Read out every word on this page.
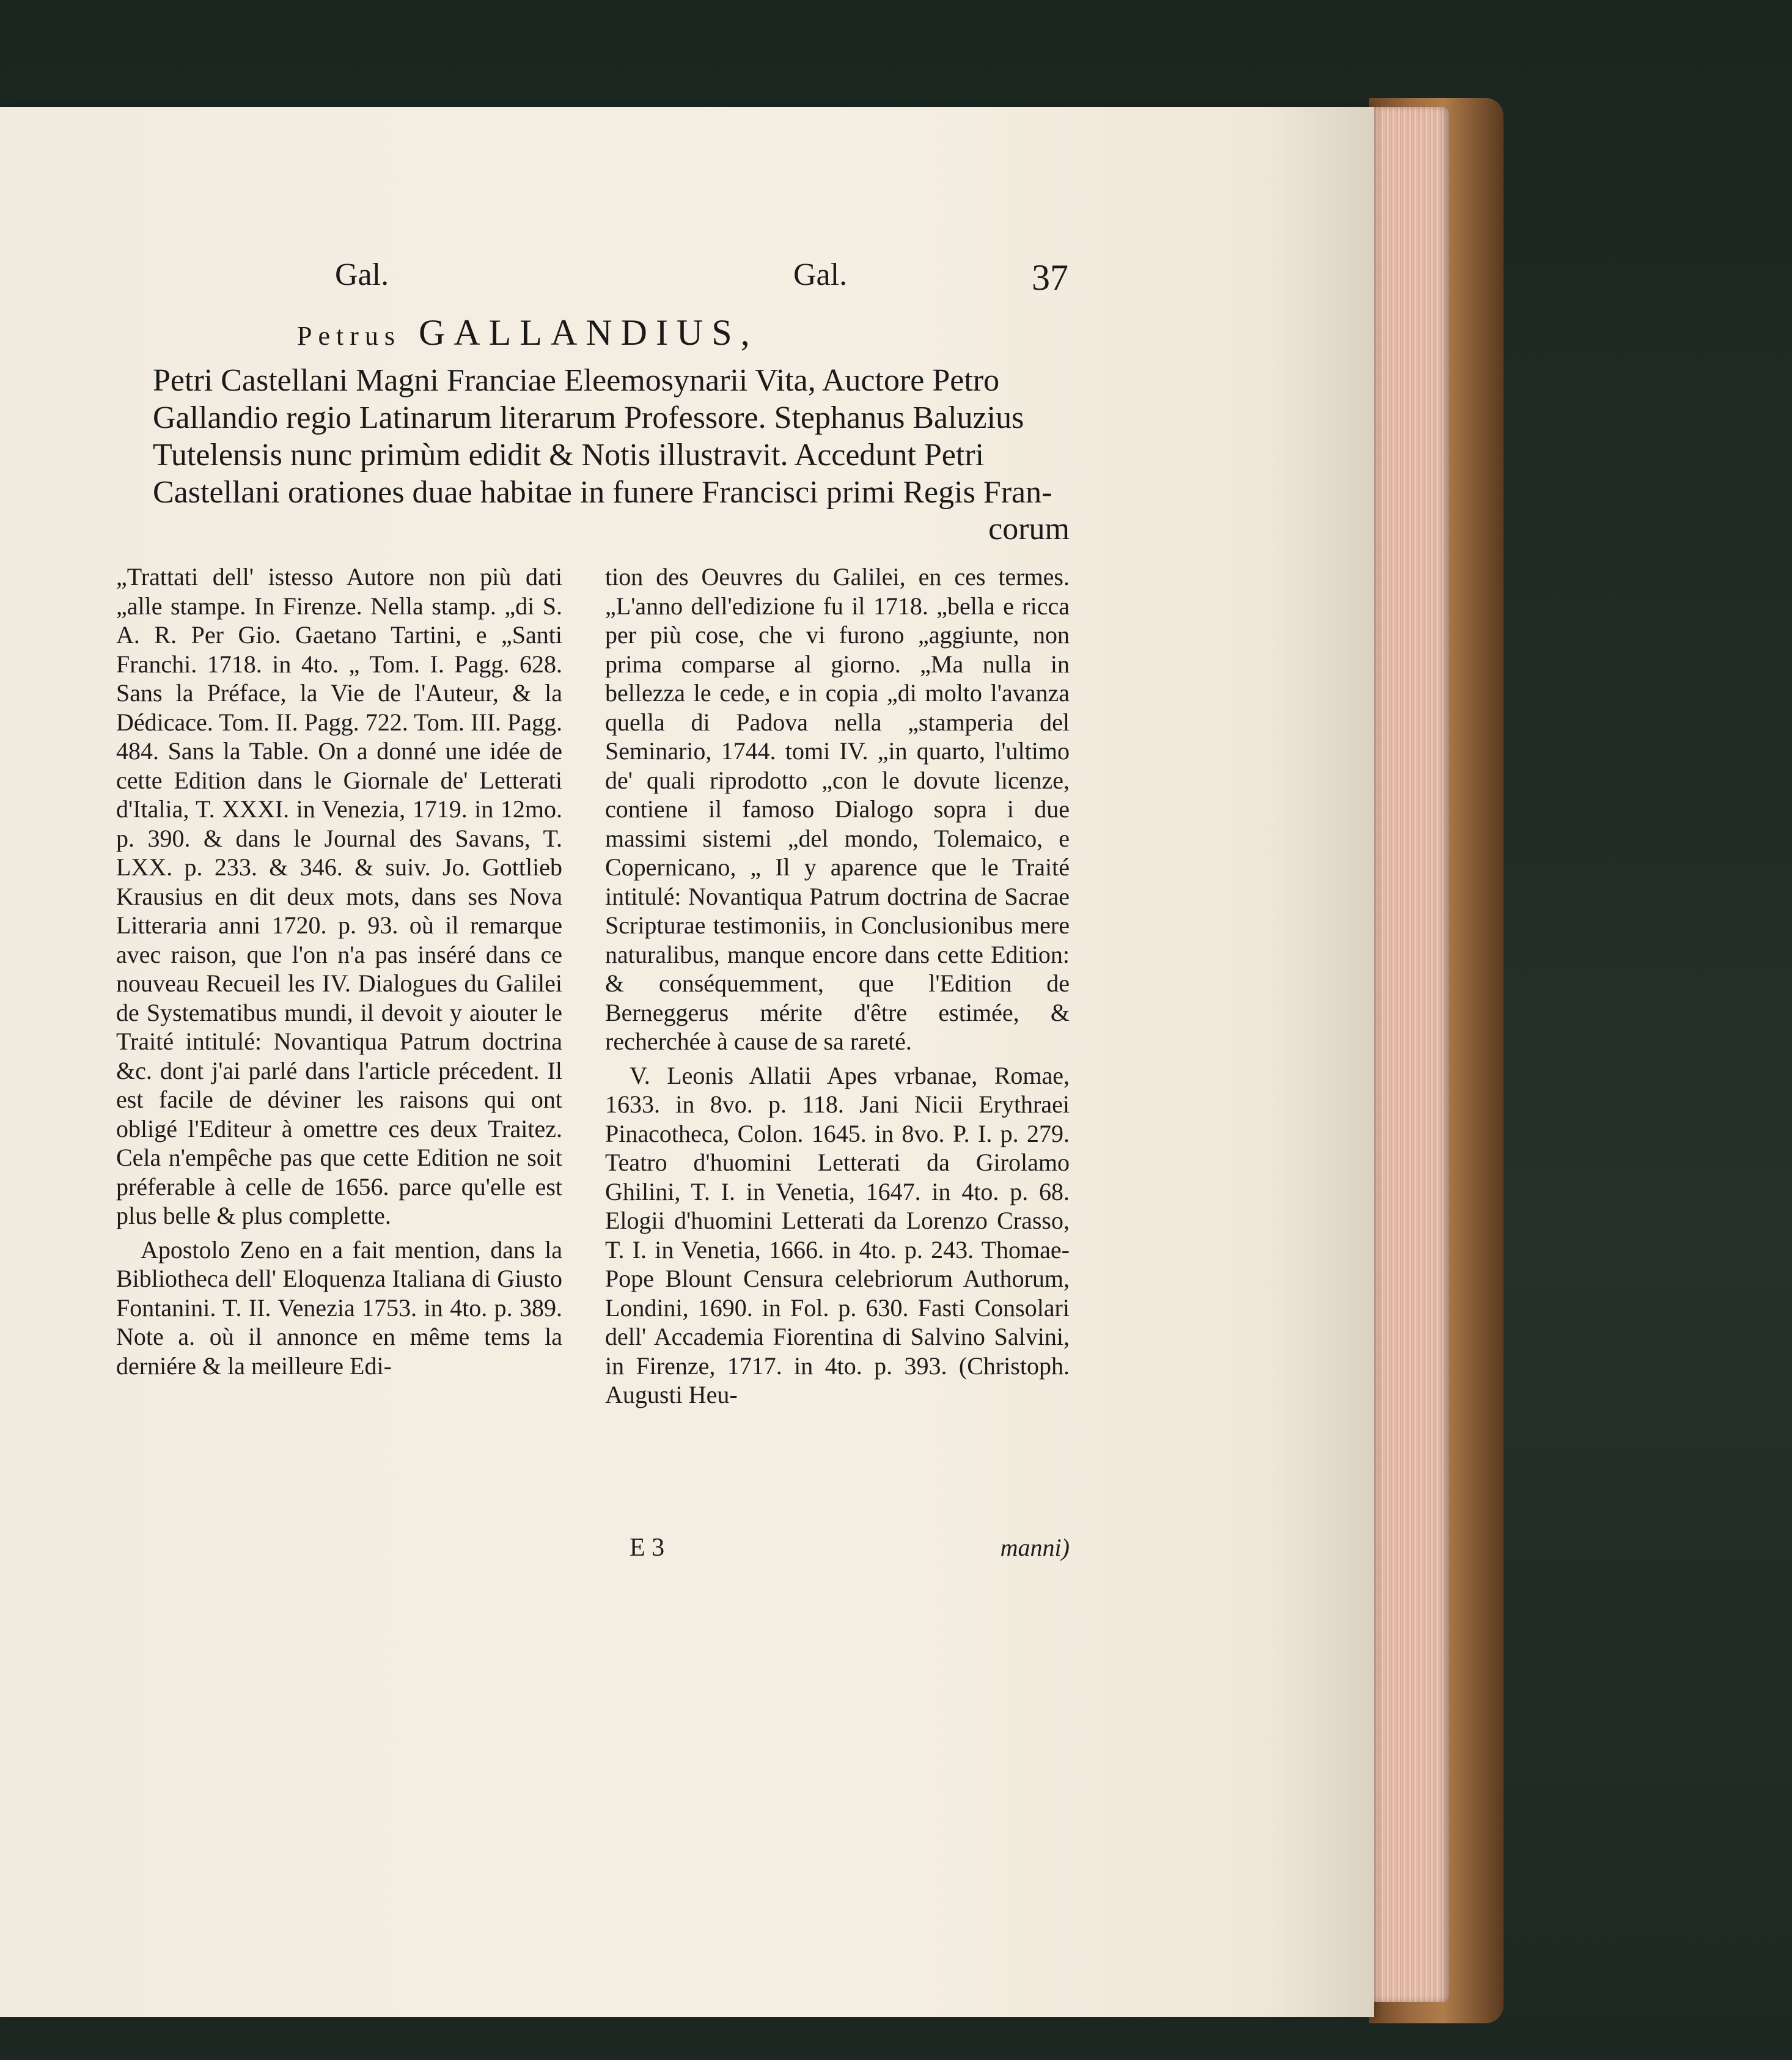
Gal.	Gal.	37
Petrus GALLANDIUS,
Petri Castellani Magni Franciae Eleemosynarii Vita, Auctore Petro
Gallandio regio Latinarum literarum Professore. Stephanus Baluzius
Tutelensis nunc primùm edidit & Notis illustravit. Accedunt Petri
Castellani orationes duae habitae in funere Francisci primi Regis Fran-
corum

„Trattati dell' istesso Autore non più dati „alle stampe. In Firenze. Nella stamp. „di S. A. R. Per Gio. Gaetano Tartini, e „Santi Franchi. 1718. in 4to. „ Tom. I. Pagg. 628. Sans la Préface, la Vie de l'Auteur, & la Dédicace. Tom. II. Pagg. 722. Tom. III. Pagg. 484. Sans la Table. On a donné une idée de cette Edition dans le Giornale de' Letterati d'Italia, T. XXXI. in Venezia, 1719. in 12mo. p. 390. & dans le Journal des Savans, T. LXX. p. 233. & 346. & suiv. Jo. Gottlieb Krausius en dit deux mots, dans ses Nova Litteraria anni 1720. p. 93. où il remarque avec raison, que l'on n'a pas inséré dans ce nouveau Recueil les IV. Dialogues du Galilei de Systematibus mundi, il devoit y aiouter le Traité intitulé: Novantiqua Patrum doctrina &c. dont j'ai parlé dans l'article précedent. Il est facile de déviner les raisons qui ont obligé l'Editeur à omettre ces deux Traitez. Cela n'empêche pas que cette Edition ne soit préferable à celle de 1656. parce qu'elle est plus belle & plus complette.

Apostolo Zeno en a fait mention, dans la Bibliotheca dell' Eloquenza Italiana di Giusto Fontanini. T. II. Venezia 1753. in 4to. p. 389. Note a. où il annonce en même tems la derniére & la meilleure Edi-

tion des Oeuvres du Galilei, en ces termes. „L'anno dell'edizione fu il 1718. „bella e ricca per più cose, che vi furono „aggiunte, non prima comparse al giorno. „Ma nulla in bellezza le cede, e in copia „di molto l'avanza quella di Padova nella „stamperia del Seminario, 1744. tomi IV. „in quarto, l'ultimo de' quali riprodotto „con le dovute licenze, contiene il famoso Dialogo sopra i due massimi sistemi „del mondo, Tolemaico, e Copernicano, „ Il y aparence que le Traité intitulé: Novantiqua Patrum doctrina de Sacrae Scripturae testimoniis, in Conclusionibus mere naturalibus, manque encore dans cette Edition: & conséquemment, que l'Edition de Berneggerus mérite d'être estimée, & recherchée à cause de sa rareté.

V. Leonis Allatii Apes vrbanae, Romae, 1633. in 8vo. p. 118. Jani Nicii Erythraei Pinacotheca, Colon. 1645. in 8vo. P. I. p. 279. Teatro d'huomini Letterati da Girolamo Ghilini, T. I. in Venetia, 1647. in 4to. p. 68. Elogii d'huomini Letterati da Lorenzo Crasso, T. I. in Venetia, 1666. in 4to. p. 243. Thomae-Pope Blount Censura celebriorum Authorum, Londini, 1690. in Fol. p. 630. Fasti Consolari dell' Accademia Fiorentina di Salvino Salvini, in Firenze, 1717. in 4to. p. 393. (Christoph. Augusti Heu-

E 3	manni)
